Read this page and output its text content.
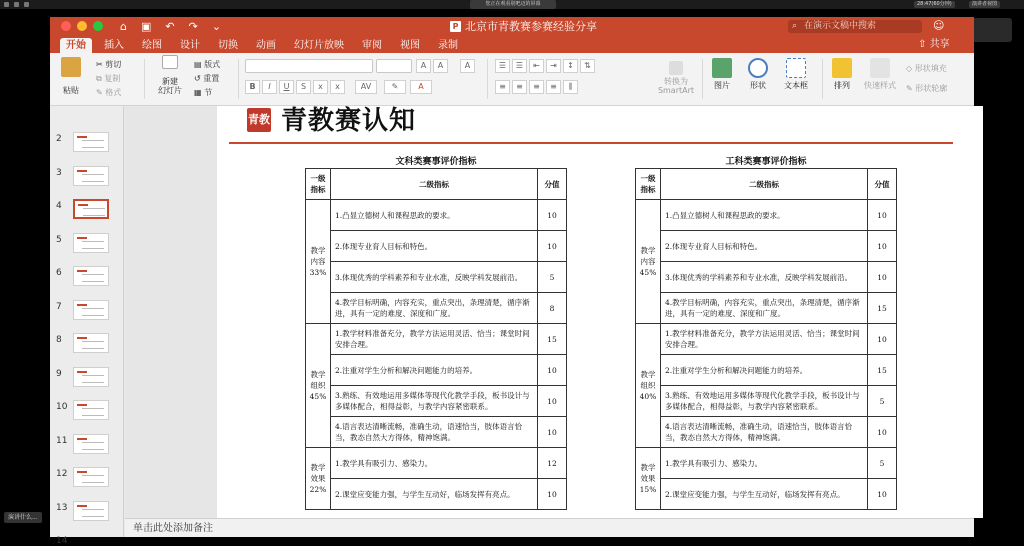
您正在观看别吧迈的屏幕	28:47(60分钟)	演讲者视图
⌂ ▣ ↶ ↷ ⌄	P 北京市青教赛参赛经验分享	⌕ 在演示文稿中搜索	☺
开始	插入	绘图	设计	切换	动画	幻灯片放映	审阅	视图	录制	⇧ 共享
粘贴
✂ 剪切
⧉ 复制
✎ 格式
新建
幻灯片
▤ 版式
↺ 重置
▦ 节
A	A	A
B	I	U	S	x	x	AV	✎	A
☰	☰	⇤	⇥	↕	⇅
≡	≡	≡	≡	⫼
转换为
SmartArt
图片	形状	文本框	排列	快速样式
◇ 形状填充
✎ 形状轮廓
2
3
4
5
6
7
8
9
10
11
12
13
14
青教 青教赛认知
文科类赛事评价指标
一级
指标	二级指标	分值
教学
内容
33%	1.凸显立德树人和课程思政的要求。	10
	2.体现专业育人目标和特色。	10
	3.体现优秀的学科素养和专业水准，反映学科发展前沿。	5
	4.教学目标明确，内容充实，重点突出，条理清楚，循序渐进，具有一定的难度、深度和广度。	8
教学
组织
45%	1.教学材料准备充分，教学方法运用灵活、恰当；课堂时间安排合理。	15
	2.注重对学生分析和解决问题能力的培养。	10
	3.熟练、有效地运用多媒体等现代化教学手段，板书设计与多媒体配合，相得益彰，与教学内容紧密联系。	10
	4.语言表达清晰流畅，准确生动，语速恰当，肢体语言恰当，教态自然大方得体，精神饱满。	10
教学
效果
22%	1.教学具有吸引力、感染力。	12
	2.课堂应变能力强，与学生互动好，临场发挥有亮点。	10
工科类赛事评价指标
一级
指标	二级指标	分值
教学
内容
45%	1.凸显立德树人和课程思政的要求。	10
	2.体现专业育人目标和特色。	10
	3.体现优秀的学科素养和专业水准，反映学科发展前沿。	10
	4.教学目标明确，内容充实，重点突出，条理清楚，循序渐进，具有一定的难度、深度和广度。	15
教学
组织
40%	1.教学材料准备充分，教学方法运用灵活、恰当；课堂时间安排合理。	10
	2.注重对学生分析和解决问题能力的培养。	15
	3.熟练、有效地运用多媒体等现代化教学手段，板书设计与多媒体配合，相得益彰，与教学内容紧密联系。	5
	4.语言表达清晰流畅，准确生动，语速恰当，肢体语言恰当，教态自然大方得体，精神饱满。	10
教学
效果
15%	1.教学具有吸引力、感染力。	5
	2.课堂应变能力强，与学生互动好，临场发挥有亮点。	10
单击此处添加备注
演讲什么...
